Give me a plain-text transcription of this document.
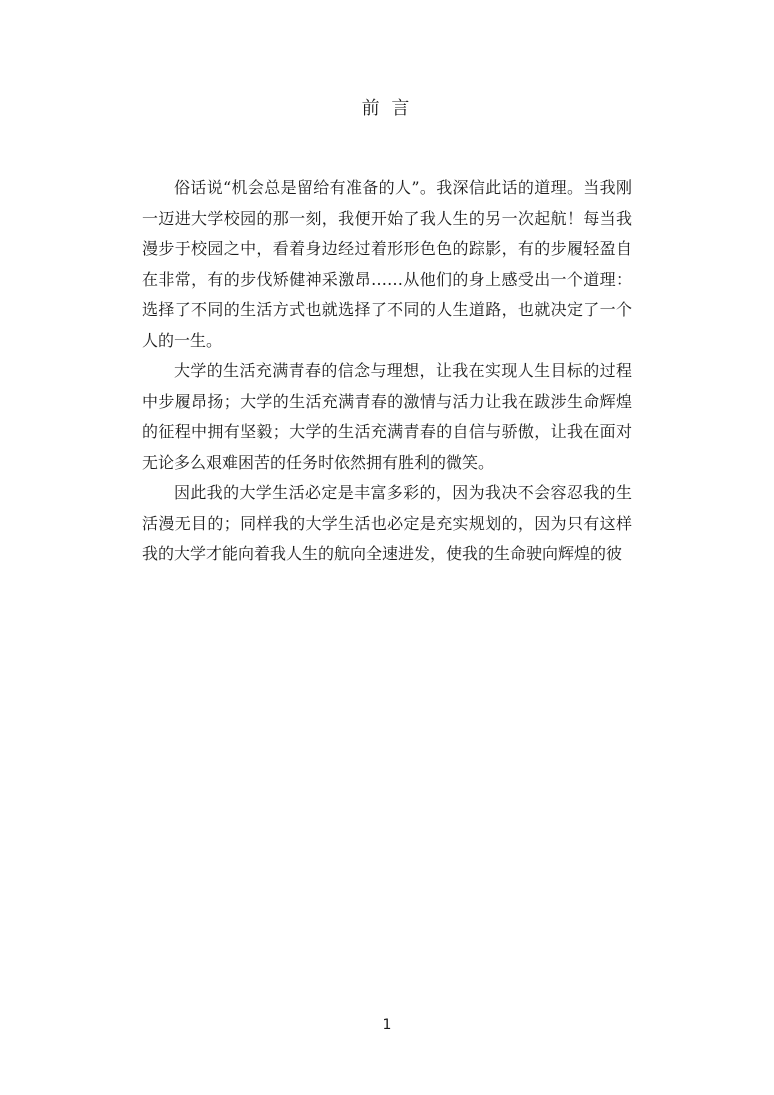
前 言

俗话说“机会总是留给有准备的人”。我深信此话的道理。当我刚一迈进大学校园的那一刻，我便开始了我人生的另一次起航！每当我漫步于校园之中，看着身边经过着形形色色的踪影，有的步履轻盈自在非常，有的步伐矫健神采激昂……从他们的身上感受出一个道理：选择了不同的生活方式也就选择了不同的人生道路，也就决定了一个人的一生。

大学的生活充满青春的信念与理想，让我在实现人生目标的过程中步履昂扬；大学的生活充满青春的激情与活力让我在跋涉生命辉煌的征程中拥有坚毅；大学的生活充满青春的自信与骄傲，让我在面对无论多么艰难困苦的任务时依然拥有胜利的微笑。

因此我的大学生活必定是丰富多彩的，因为我决不会容忍我的生活漫无目的；同样我的大学生活也必定是充实规划的，因为只有这样我的大学才能向着我人生的航向全速进发，使我的生命驶向辉煌的彼

1
